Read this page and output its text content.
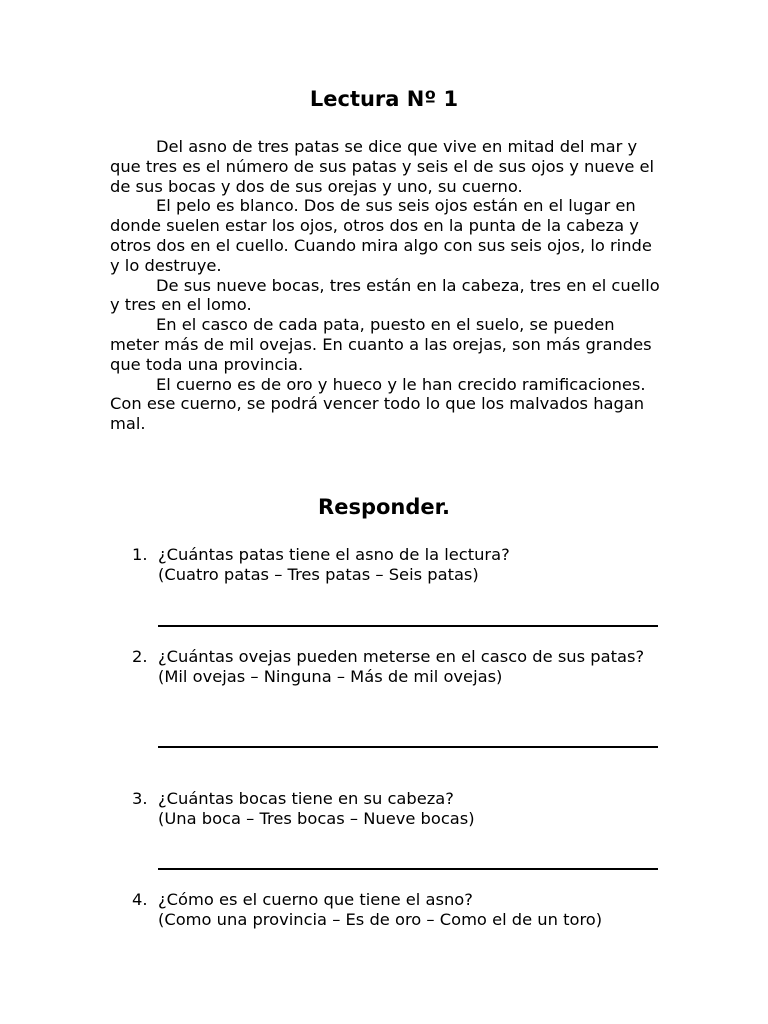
Lectura Nº 1

Del asno de tres patas se dice que vive en mitad del mar y que tres es el número de sus patas y seis el de sus ojos y nueve el de sus bocas y dos de sus orejas y uno, su cuerno.

El pelo es blanco. Dos de sus seis ojos están en el lugar en donde suelen estar los ojos, otros dos en la punta de la cabeza y otros dos en el cuello. Cuando mira algo con sus seis ojos, lo rinde y lo destruye.

De sus nueve bocas, tres están en la cabeza, tres en el cuello y tres en el lomo.

En el casco de cada pata, puesto en el suelo, se pueden meter más de mil ovejas. En cuanto a las orejas, son más grandes que toda una provincia.

El cuerno es de oro y hueco y le han crecido ramificaciones. Con ese cuerno, se podrá vencer todo lo que los malvados hagan mal.

Responder.
1. ¿Cuántas patas tiene el asno de la lectura?
(Cuatro patas – Tres patas – Seis patas)
2. ¿Cuántas ovejas pueden meterse en el casco de sus patas?
(Mil ovejas – Ninguna – Más de mil ovejas)
3. ¿Cuántas bocas tiene en su cabeza?
(Una boca – Tres bocas – Nueve bocas)
4. ¿Cómo es el cuerno que tiene el asno?
(Como una provincia – Es de oro – Como el de un toro)
